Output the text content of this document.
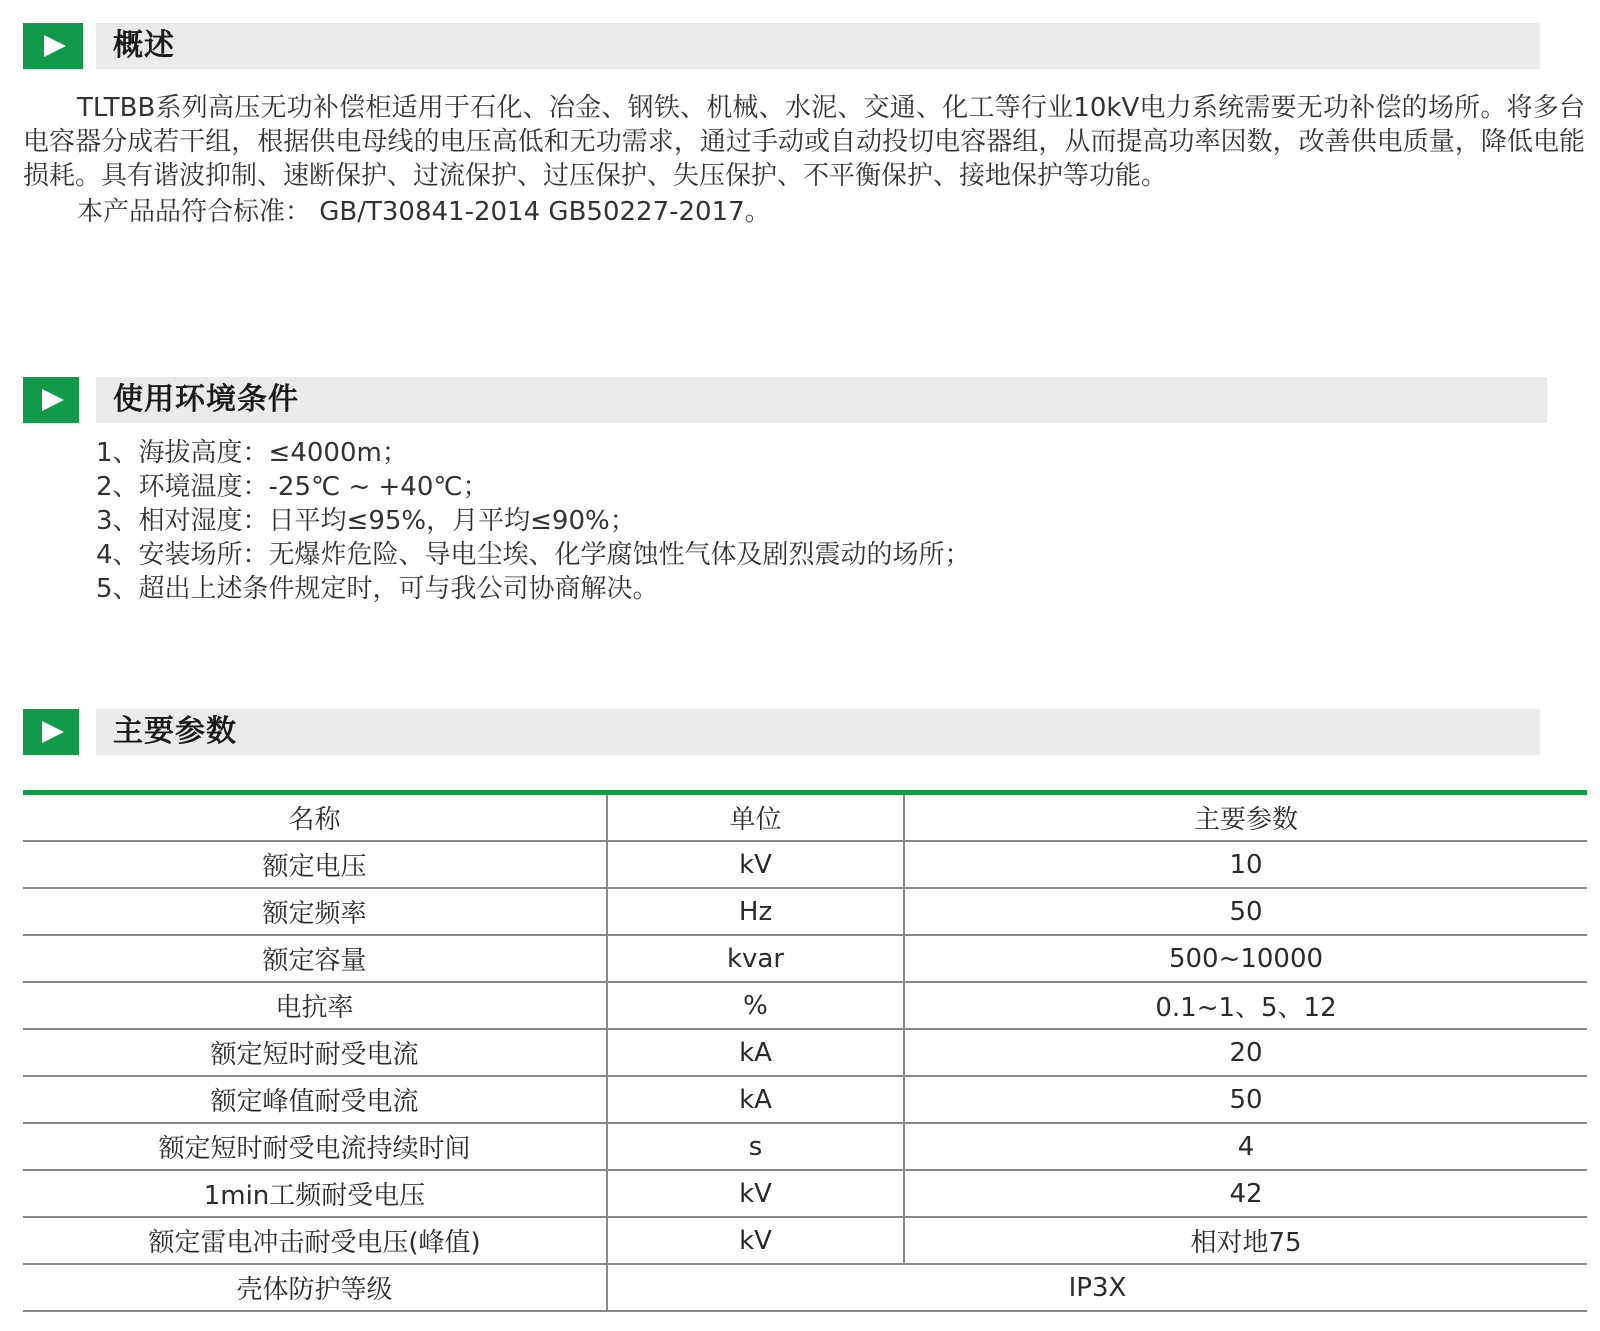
概述
TLTBB系列高压无功补偿柜适用于石化、冶金、钢铁、机械、水泥、交通、化工等行业10kV电力系统需要无功补偿的场所。将多台电容器分成若干组，根据供电母线的电压高低和无功需求，通过手动或自动投切电容器组，从而提高功率因数，改善供电质量，降低电能损耗。具有谐波抑制、速断保护、过流保护、过压保护、失压保护、不平衡保护、接地保护等功能。
本产品品符合标准： GB/T30841-2014 GB50227-2017。
使用环境条件
1、海拔高度：≤4000m；
2、环境温度：-25℃ ~ +40℃；
3、相对湿度：日平均≤95%，月平均≤90%；
4、安装场所：无爆炸危险、导电尘埃、化学腐蚀性气体及剧烈震动的场所；
5、超出上述条件规定时，可与我公司协商解决。
主要参数
名称	单位	主要参数
额定电压	kV	10
额定频率	Hz	50
额定容量	kvar	500~10000
电抗率	%	0.1~1、5、12
额定短时耐受电流	kA	20
额定峰值耐受电流	kA	50
额定短时耐受电流持续时间	s	4
1min工频耐受电压	kV	42
额定雷电冲击耐受电压(峰值)	kV	相对地75
壳体防护等级	IP3X	
